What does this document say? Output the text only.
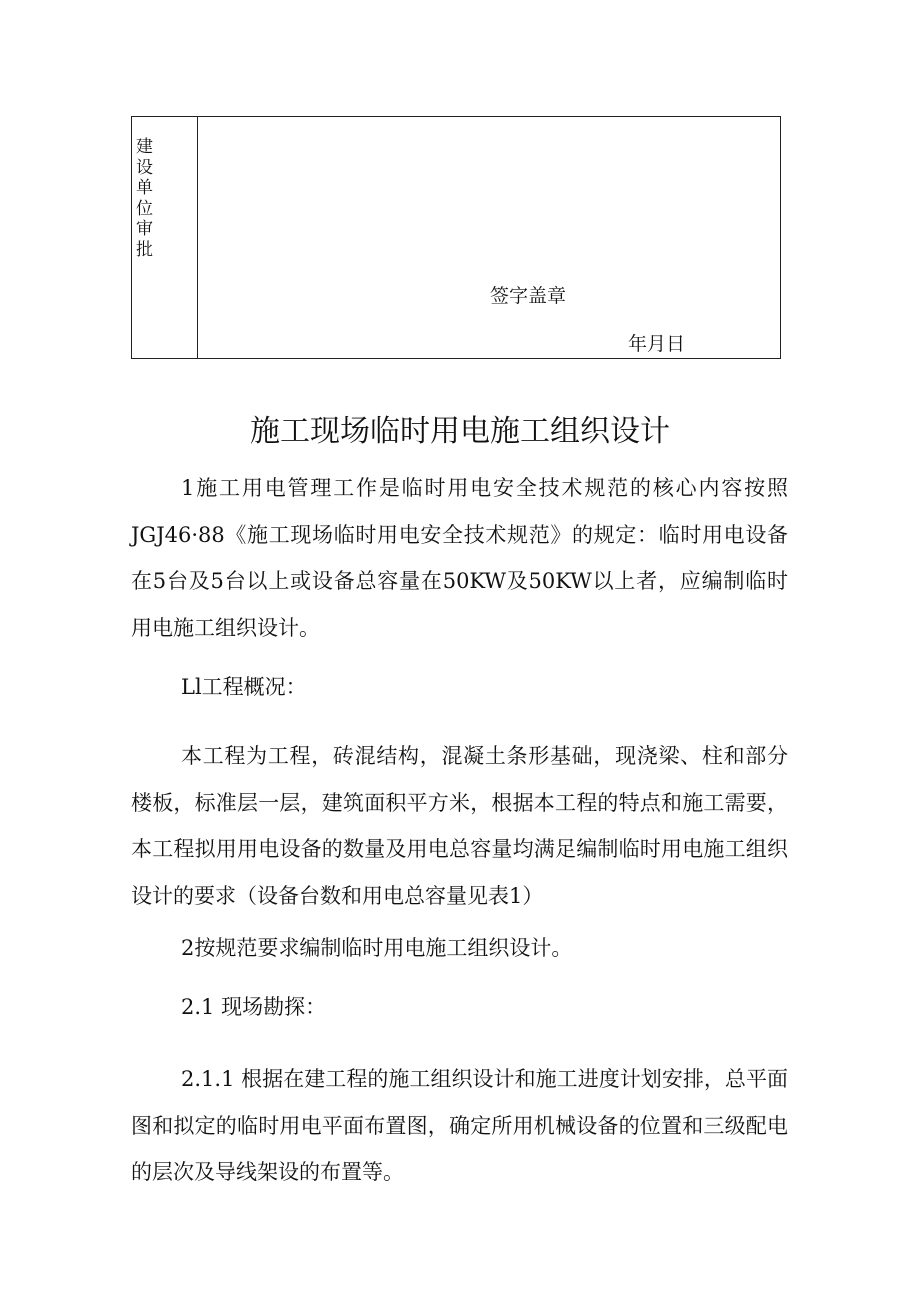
建设单位审批
签字盖章
年月日
施工现场临时用电施工组织设计

1施工用电管理工作是临时用电安全技术规范的核心内容按照JGJ46·88《施工现场临时用电安全技术规范》的规定：临时用电设备在5台及5台以上或设备总容量在50KW及50KW以上者，应编制临时用电施工组织设计。

Ll工程概况：

本工程为工程，砖混结构，混凝土条形基础，现浇梁、柱和部分楼板，标准层一层，建筑面积平方米，根据本工程的特点和施工需要，本工程拟用用电设备的数量及用电总容量均满足编制临时用电施工组织设计的要求（设备台数和用电总容量见表1）

2按规范要求编制临时用电施工组织设计。

2.1 现场勘探：

2.1.1 根据在建工程的施工组织设计和施工进度计划安排，总平面图和拟定的临时用电平面布置图，确定所用机械设备的位置和三级配电的层次及导线架设的布置等。
